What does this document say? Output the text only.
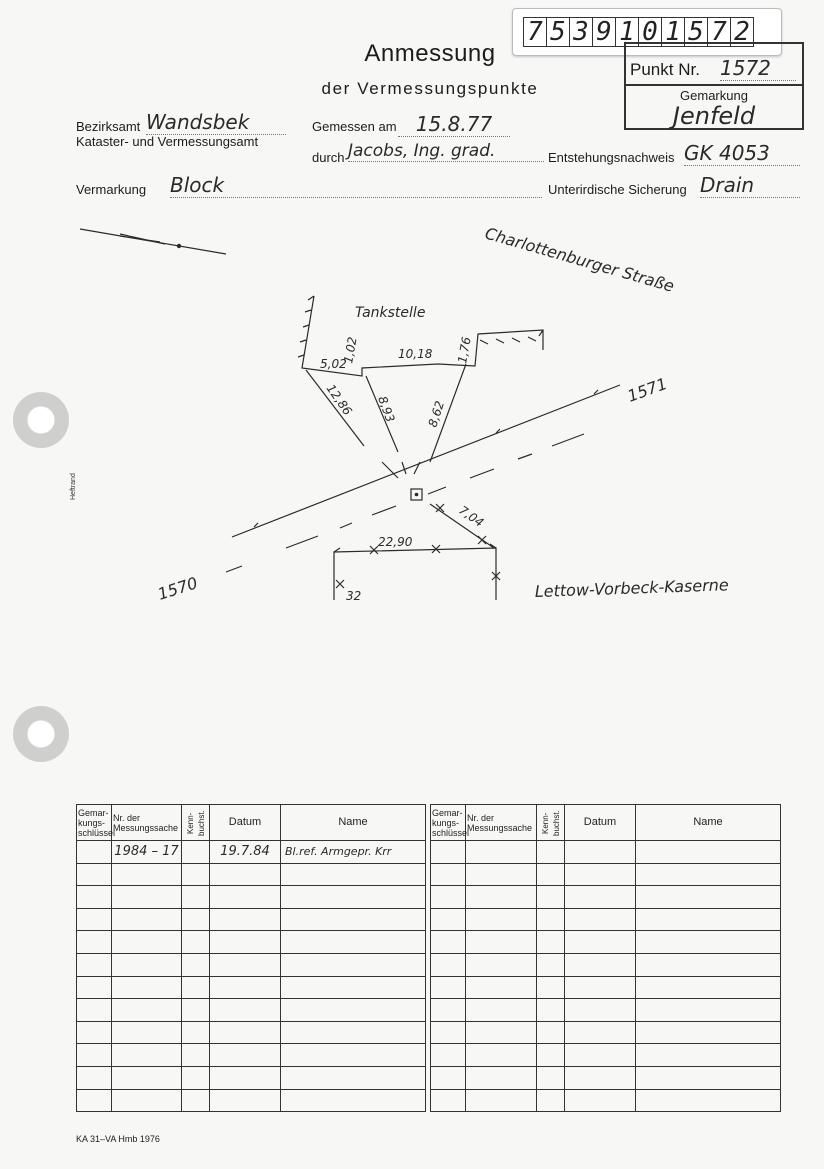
Heftrand
7 5 3 9 1 0 1 5 7 2
Anmessung
der Vermessungspunkte
Punkt Nr. 1572
Gemarkung
Jenfeld
Bezirksamt Wandsbek
Kataster- und Vermessungsamt
Gemessen am 15.8.77
durch Jacobs, Ing. grad.	Entstehungsnachweis GK 4053
Vermarkung Block	Unterirdische Sicherung Drain
Charlottenburger Straße
Tankstelle
Lettow-Vorbeck-Kaserne
1570
1571
5,02
1,02	10,18 1,76
12,86 8,93 8,62
7,04
22,90
32
Gemar-kungs-schlüssel	Nr. der Messungssache	Kenn-buchst.	Datum	Name
	1984 – 17		19.7.84	Bl.ref. Armgepr. Krr

Gemar-kungs-schlüssel	Nr. der Messungssache	Kenn-buchst.	Datum	Name

KA 31–VA Hmb 1976
